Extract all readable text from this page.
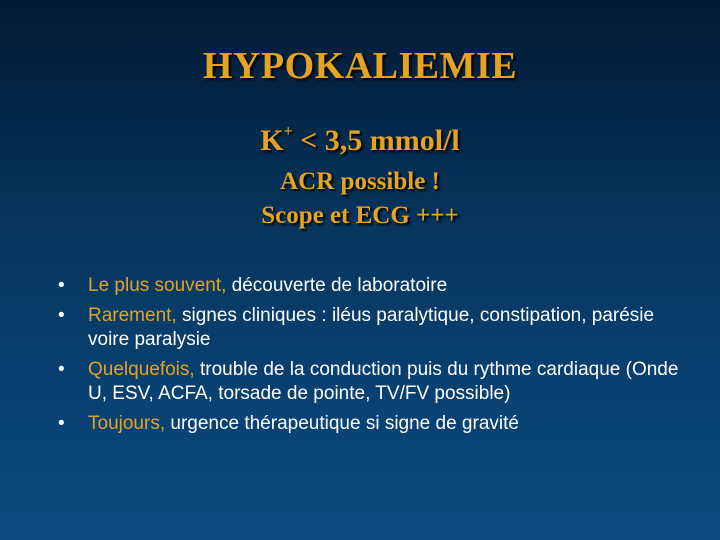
HYPOKALIEMIE
K+ < 3,5 mmol/l
ACR possible !
Scope et ECG +++
• Le plus souvent, découverte de laboratoire
• Rarement, signes cliniques : iléus paralytique, constipation, parésie voire paralysie
• Quelquefois, trouble de la conduction puis du rythme cardiaque (Onde U, ESV, ACFA, torsade de pointe, TV/FV possible)
• Toujours, urgence thérapeutique si signe de gravité
